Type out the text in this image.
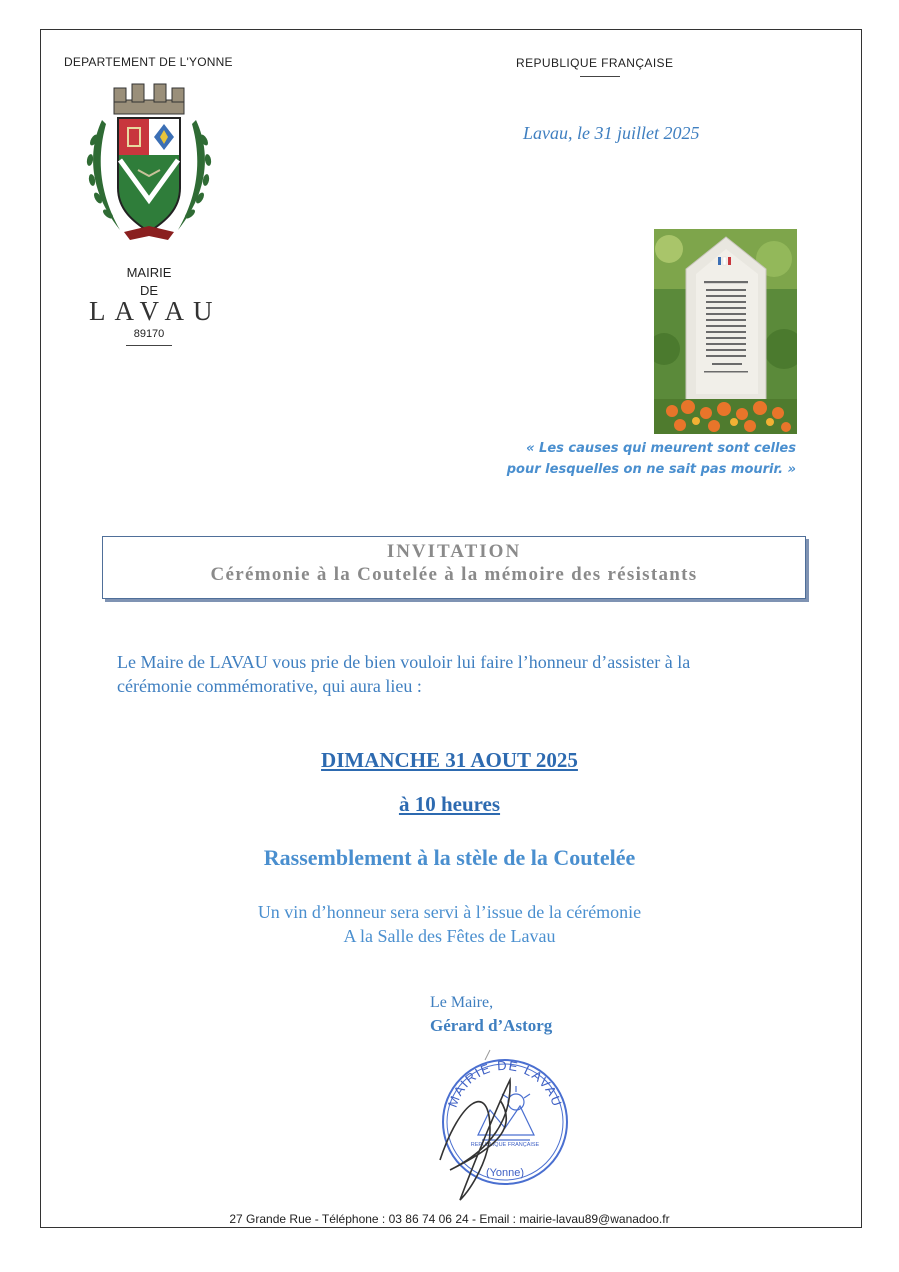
DEPARTEMENT DE L'YONNE	REPUBLIQUE FRANÇAISE
Lavau, le 31 juillet 2025
MAIRIE
DE
LAVAU
89170
« Les causes qui meurent sont celles
pour lesquelles on ne sait pas mourir. »
INVITATION
Cérémonie à la Coutelée à la mémoire des résistants
Le Maire de LAVAU vous prie de bien vouloir lui faire l’honneur d’assister à la
cérémonie commémorative, qui aura lieu :
DIMANCHE 31 AOUT 2025
à 10 heures
Rassemblement à la stèle de la Coutelée
Un vin d’honneur sera servi à l’issue de la cérémonie
A la Salle des Fêtes de Lavau
Le Maire,
Gérard d’Astorg
MAIRIE DE LAVAU
REPUBLIQUE FRANÇAISE
(Yonne)
27 Grande Rue - Téléphone : 03 86 74 06 24 - Email : mairie-lavau89@wanadoo.fr
